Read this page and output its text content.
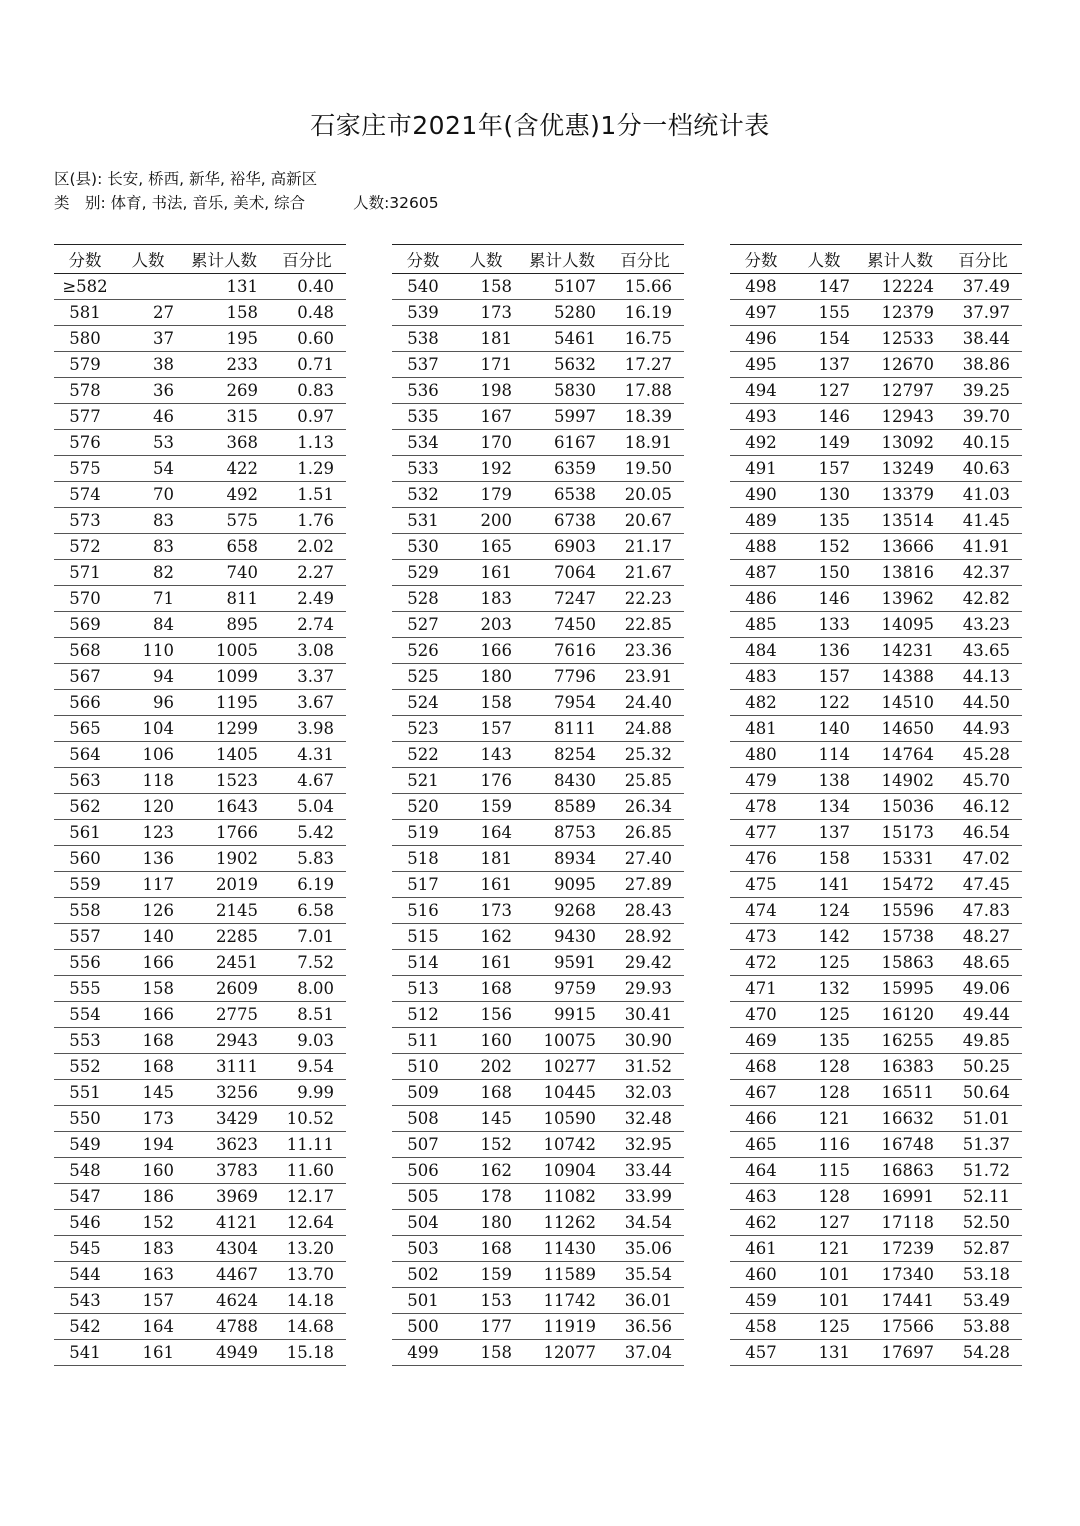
石家庄市2021年(含优惠)1分一档统计表
区(县): 长安, 桥西, 新华, 裕华, 高新区
类　别: 体育, 书法, 音乐, 美术, 综合	人数:32605
分数	人数	累计人数	百分比
≥582		131	0.40
581	27	158	0.48
580	37	195	0.60
579	38	233	0.71
578	36	269	0.83
577	46	315	0.97
576	53	368	1.13
575	54	422	1.29
574	70	492	1.51
573	83	575	1.76
572	83	658	2.02
571	82	740	2.27
570	71	811	2.49
569	84	895	2.74
568	110	1005	3.08
567	94	1099	3.37
566	96	1195	3.67
565	104	1299	3.98
564	106	1405	4.31
563	118	1523	4.67
562	120	1643	5.04
561	123	1766	5.42
560	136	1902	5.83
559	117	2019	6.19
558	126	2145	6.58
557	140	2285	7.01
556	166	2451	7.52
555	158	2609	8.00
554	166	2775	8.51
553	168	2943	9.03
552	168	3111	9.54
551	145	3256	9.99
550	173	3429	10.52
549	194	3623	11.11
548	160	3783	11.60
547	186	3969	12.17
546	152	4121	12.64
545	183	4304	13.20
544	163	4467	13.70
543	157	4624	14.18
542	164	4788	14.68
541	161	4949	15.18
分数	人数	累计人数	百分比
540	158	5107	15.66
539	173	5280	16.19
538	181	5461	16.75
537	171	5632	17.27
536	198	5830	17.88
535	167	5997	18.39
534	170	6167	18.91
533	192	6359	19.50
532	179	6538	20.05
531	200	6738	20.67
530	165	6903	21.17
529	161	7064	21.67
528	183	7247	22.23
527	203	7450	22.85
526	166	7616	23.36
525	180	7796	23.91
524	158	7954	24.40
523	157	8111	24.88
522	143	8254	25.32
521	176	8430	25.85
520	159	8589	26.34
519	164	8753	26.85
518	181	8934	27.40
517	161	9095	27.89
516	173	9268	28.43
515	162	9430	28.92
514	161	9591	29.42
513	168	9759	29.93
512	156	9915	30.41
511	160	10075	30.90
510	202	10277	31.52
509	168	10445	32.03
508	145	10590	32.48
507	152	10742	32.95
506	162	10904	33.44
505	178	11082	33.99
504	180	11262	34.54
503	168	11430	35.06
502	159	11589	35.54
501	153	11742	36.01
500	177	11919	36.56
499	158	12077	37.04
分数	人数	累计人数	百分比
498	147	12224	37.49
497	155	12379	37.97
496	154	12533	38.44
495	137	12670	38.86
494	127	12797	39.25
493	146	12943	39.70
492	149	13092	40.15
491	157	13249	40.63
490	130	13379	41.03
489	135	13514	41.45
488	152	13666	41.91
487	150	13816	42.37
486	146	13962	42.82
485	133	14095	43.23
484	136	14231	43.65
483	157	14388	44.13
482	122	14510	44.50
481	140	14650	44.93
480	114	14764	45.28
479	138	14902	45.70
478	134	15036	46.12
477	137	15173	46.54
476	158	15331	47.02
475	141	15472	47.45
474	124	15596	47.83
473	142	15738	48.27
472	125	15863	48.65
471	132	15995	49.06
470	125	16120	49.44
469	135	16255	49.85
468	128	16383	50.25
467	128	16511	50.64
466	121	16632	51.01
465	116	16748	51.37
464	115	16863	51.72
463	128	16991	52.11
462	127	17118	52.50
461	121	17239	52.87
460	101	17340	53.18
459	101	17441	53.49
458	125	17566	53.88
457	131	17697	54.28
